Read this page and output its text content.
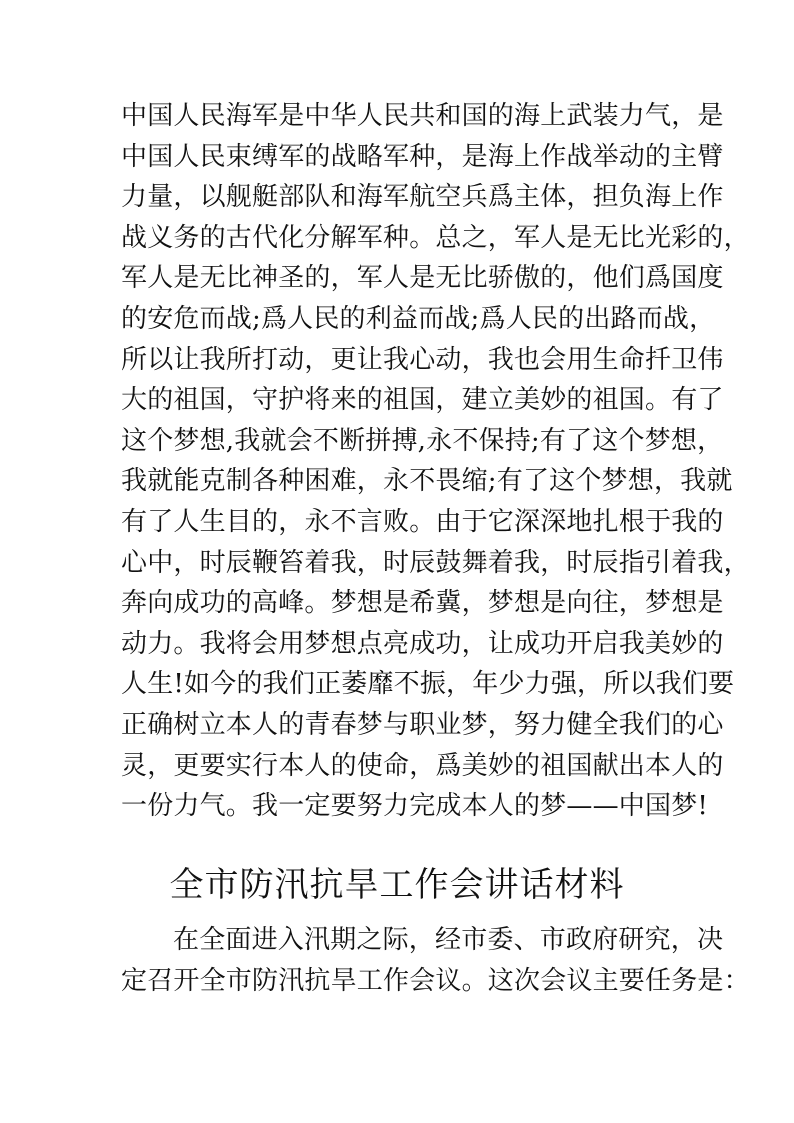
中国人民海军是中华人民共和国的海上武装力气，是
中国人民束缚军的战略军种，是海上作战举动的主臂
力量，以舰艇部队和海军航空兵爲主体，担负海上作
战义务的古代化分解军种。总之，军人是无比光彩的，
军人是无比神圣的，军人是无比骄傲的，他们爲国度
的安危而战;爲人民的利益而战;爲人民的出路而战，
所以让我所打动，更让我心动，我也会用生命扦卫伟
大的祖国，守护将来的祖国，建立美妙的祖国。有了
这个梦想,我就会不断拼搏,永不保持;有了这个梦想，
我就能克制各种困难，永不畏缩;有了这个梦想，我就
有了人生目的，永不言败。由于它深深地扎根于我的
心中，时辰鞭笞着我，时辰鼓舞着我，时辰指引着我，
奔向成功的高峰。梦想是希冀，梦想是向往，梦想是
动力。我将会用梦想点亮成功，让成功开启我美妙的
人生!如今的我们正萎靡不振，年少力强，所以我们要
正确树立本人的青春梦与职业梦，努力健全我们的心
灵，更要实行本人的使命，爲美妙的祖国献出本人的
一份力气。我一定要努力完成本人的梦——中国梦!
全市防汛抗旱工作会讲话材料
在全面进入汛期之际，经市委、市政府研究，决
定召开全市防汛抗旱工作会议。这次会议主要任务是：
